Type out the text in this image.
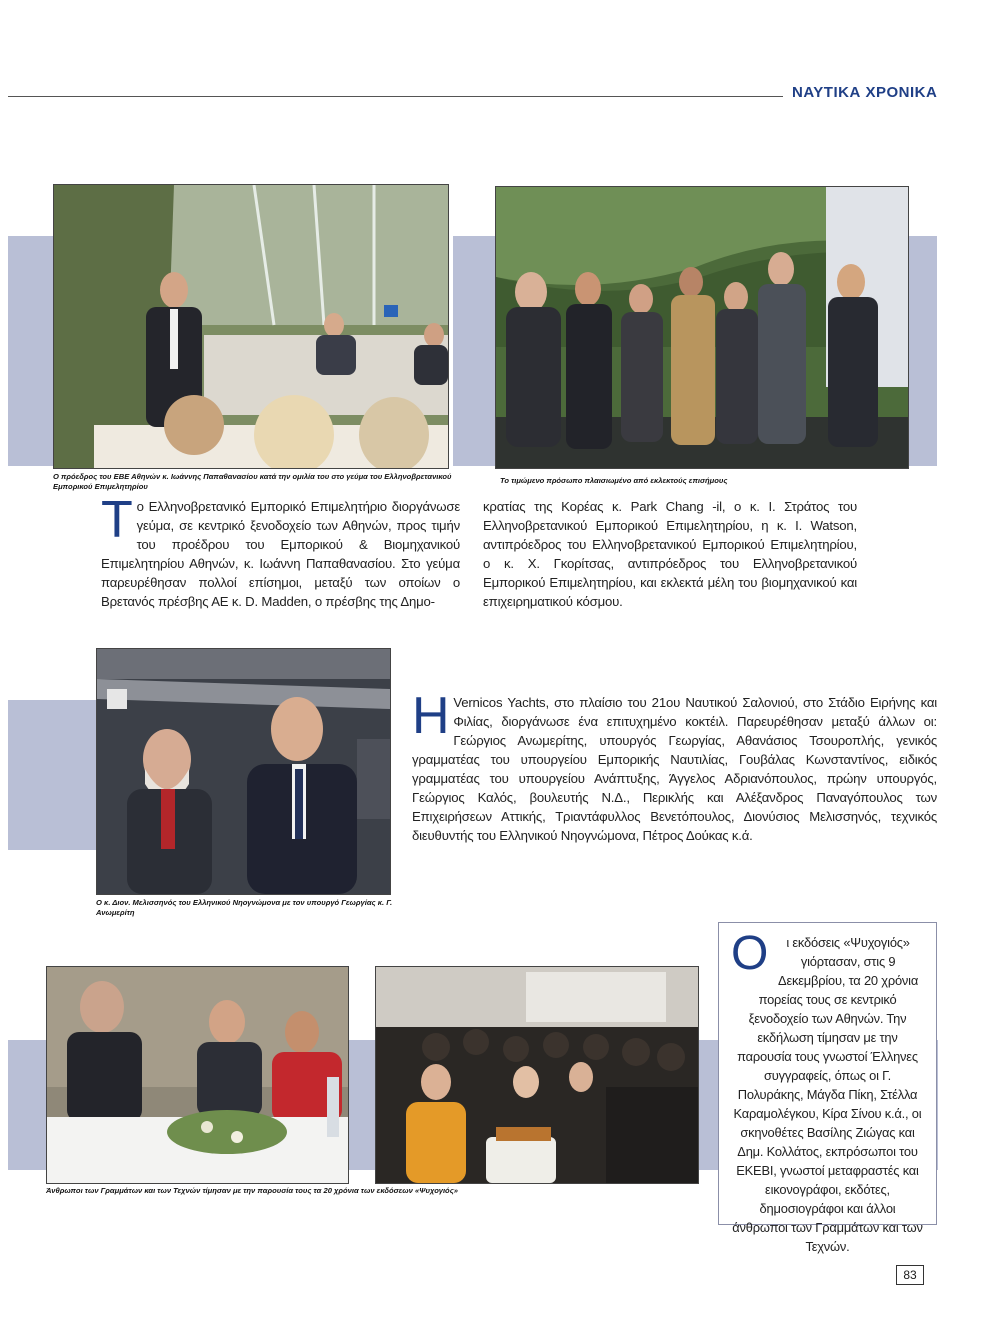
ΝΑΥΤΙΚΑ ΧΡΟΝΙΚΑ
Ο πρόεδρος του ΕΒΕ Αθηνών κ. Ιωάννης Παπαθανασίου κατά την ομιλία του στο γεύμα του Ελληνοβρετανικού Εμπορικού Επιμελητηρίου
Το τιμώμενο πρόσωπο πλαισιωμένο από εκλεκτούς επισήμους
Το Ελληνοβρετανικό Εμπορικό Επιμελητήριο διοργάνωσε γεύμα, σε κεντρικό ξενοδοχείο των Αθηνών, προς τιμήν του προέδρου του Εμπορικού & Βιομηχανικού Επιμελητηρίου Αθηνών, κ. Ιωάννη Παπαθανασίου. Στο γεύμα παρευρέθησαν πολλοί επίσημοι, μεταξύ των οποίων ο Βρετανός πρέσβης ΑΕ κ. D. Madden, ο πρέσβης της Δημο-
κρατίας της Κορέας κ. Park Chang -il, ο κ. Ι. Στράτος του Ελληνοβρετανικού Εμπορικού Επιμελητηρίου, η κ. Ι. Watson, αντιπρόεδρος του Ελληνοβρετανικού Εμπορικού Επιμελητηρίου, ο κ. Χ. Γκορίτσας, αντιπρόεδρος του Ελληνοβρετανικού Εμπορικού Επιμελητηρίου, και εκλεκτά μέλη του βιομηχανικού και επιχειρηματικού κόσμου.
Ο κ. Διον. Μελισσηνός του Ελληνικού Νηογνώμονα με τον υπουργό Γεωργίας κ. Γ. Ανωμερίτη
Η Vernicos Yachts, στο πλαίσιο του 21ου Ναυτικού Σαλονιού, στο Στάδιο Ειρήνης και Φιλίας, διοργάνωσε ένα επιτυχημένο κοκτέιλ. Παρευρέθησαν μεταξύ άλλων οι: Γεώργιος Ανωμερίτης, υπουργός Γεωργίας, Αθανάσιος Τσουροπλής, γενικός γραμματέας του υπουργείου Εμπορικής Ναυτιλίας, Γουβάλας Κωνσταντίνος, ειδικός γραμματέας του υπουργείου Ανάπτυξης, Άγγελος Αδριανόπουλος, πρώην υπουργός, Γεώργιος Καλός, βουλευτής Ν.Δ., Περικλής και Αλέξανδρος Παναγόπουλος των Επιχειρήσεων Αττικής, Τριαντάφυλλος Βενετόπουλος, Διονύσιος Μελισσηνός, τεχνικός διευθυντής του Ελληνικού Νηογνώμονα, Πέτρος Δούκας κ.ά.
Άνθρωποι των Γραμμάτων και των Τεχνών τίμησαν με την παρουσία τους τα 20 χρόνια των εκδόσεων «Ψυχογιός»
Ο ι εκδόσεις «Ψυχογιός» γιόρτασαν, στις 9 Δεκεμβρίου, τα 20 χρόνια πορείας τους σε κεντρικό ξενοδοχείο των Αθηνών. Την εκδήλωση τίμησαν με την παρουσία τους γνωστοί Έλληνες συγγραφείς, όπως οι Γ. Πολυράκης, Μάγδα Πίκη, Στέλλα Καραμολέγκου, Κίρα Σίνου κ.ά., οι σκηνοθέτες Βασίλης Ζιώγας και Δημ. Κολλάτος, εκπρόσωποι του ΕΚΕΒΙ, γνωστοί μεταφραστές και εικονογράφοι, εκδότες, δημοσιογράφοι και άλλοι άνθρωποι των Γραμμάτων και των Τεχνών.
83
